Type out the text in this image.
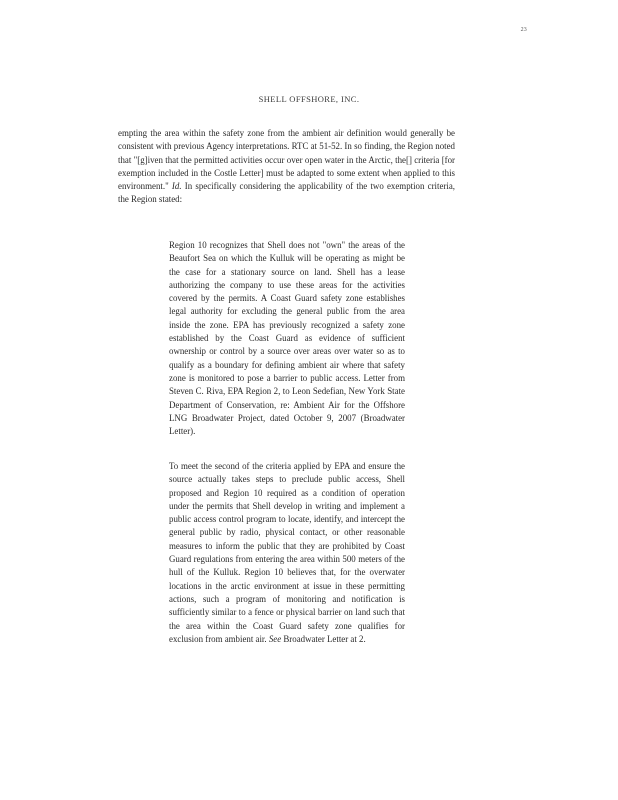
23
SHELL OFFSHORE, INC.

empting the area within the safety zone from the ambient air definition would generally be consistent with previous Agency interpretations. RTC at 51-52. In so finding, the Region noted that "[g]iven that the permitted activities occur over open water in the Arctic, the[] criteria [for exemption included in the Costle Letter] must be adapted to some extent when applied to this environment." Id. In specifically considering the applicability of the two exemption criteria, the Region stated:

Region 10 recognizes that Shell does not "own" the areas of the Beaufort Sea on which the Kulluk will be operating as might be the case for a stationary source on land. Shell has a lease authorizing the company to use these areas for the activities covered by the permits. A Coast Guard safety zone establishes legal authority for excluding the general public from the area inside the zone. EPA has previously recognized a safety zone established by the Coast Guard as evidence of sufficient ownership or control by a source over areas over water so as to qualify as a boundary for defining ambient air where that safety zone is monitored to pose a barrier to public access. Letter from Steven C. Riva, EPA Region 2, to Leon Sedefian, New York State Department of Conservation, re: Ambient Air for the Offshore LNG Broadwater Project, dated October 9, 2007 (Broadwater Letter).

To meet the second of the criteria applied by EPA and ensure the source actually takes steps to preclude public access, Shell proposed and Region 10 required as a condition of operation under the permits that Shell develop in writing and implement a public access control program to locate, identify, and intercept the general public by radio, physical contact, or other reasonable measures to inform the public that they are prohibited by Coast Guard regulations from entering the area within 500 meters of the hull of the Kulluk. Region 10 believes that, for the overwater locations in the arctic environment at issue in these permitting actions, such a program of monitoring and notification is sufficiently similar to a fence or physical barrier on land such that the area within the Coast Guard safety zone qualifies for exclusion from ambient air. See Broadwater Letter at 2.
